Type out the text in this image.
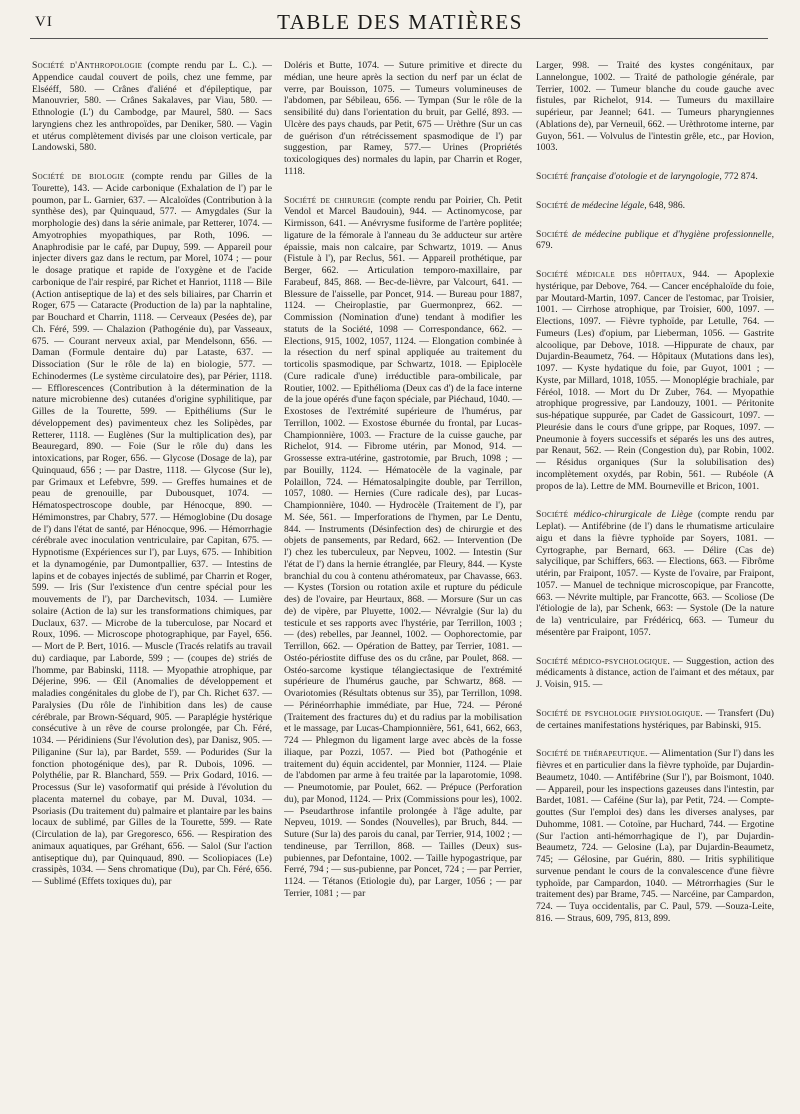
VI	TABLE DES MATIÈRES

Société d'Anthropologie (compte rendu par L. C.). — Appendice caudal couvert de poils, chez une femme, par Elsééff, 580. — Crânes d'aliéné et d'épileptique, par Manouvrier, 580. — Crânes Sakalaves, par Viau, 580. — Ethnologie (L') du Cambodge, par Maurel, 580. — Sacs laryngiens chez les anthropoïdes, par Deniker, 580. — Vagin et utérus complètement divisés par une cloison verticale, par Landowski, 580.

Société de biologie (compte rendu par Gilles de la Tourette), 143. — Acide carbonique (Exhalation de l') par le poumon, par L. Garnier, 637. — Alcaloïdes (Contribution à la synthèse des), par Quinquaud, 577. — Amygdales (Sur la morphologie des) dans la série animale, par Retterer, 1074. — Amyotrophies myopathiques, par Roth, 1096. — Anaphrodisie par le café, par Dupuy, 599. — Appareil pour injecter divers gaz dans le rectum, par Morel, 1074 ; — pour le dosage pratique et rapide de l'oxygène et de l'acide carbonique de l'air respiré, par Richet et Hanriot, 1118 — Bile (Action antiseptique de la) et des sels biliaires, par Charrin et Roger, 675 — Cataracte (Production de la) par la naphtaline, par Bouchard et Charrin, 1118. — Cerveaux (Pesées de), par Ch. Féré, 599. — Chalazion (Pathogénie du), par Vasseaux, 675. — Courant nerveux axial, par Mendelsonn, 656. — Daman (Formule dentaire du) par Lataste, 637. — Dissociation (Sur le rôle de la) en biologie, 577. — Echinodermes (Le système circulatoire des), par Périer, 1118. — Efflorescences (Contribution à la détermination de la nature microbienne des) cutanées d'origine syphilitique, par Gilles de la Tourette, 599. — Epithéliums (Sur le développement des) pavimenteux chez les Solipèdes, par Retterer, 1118. — Euglènes (Sur la multiplication des), par Beauregard, 890. — Foie (Sur le rôle du) dans les intoxications, par Roger, 656. — Glycose (Dosage de la), par Quinquaud, 656 ; — par Dastre, 1118. — Glycose (Sur le), par Grimaux et Lefebvre, 599. — Greffes humaines et de peau de grenouille, par Dubousquet, 1074. — Hématospectroscope double, par Hénocque, 890. — Hémimonstres, par Chabry, 577. — Hémoglobine (Du dosage de l') dans l'état de santé, par Hénocque, 996. — Hémorrhagie cérébrale avec inoculation ventriculaire, par Capitan, 675. — Hypnotisme (Expériences sur l'), par Luys, 675. — Inhibition et la dynamogénie, par Dumontpallier, 637. — Intestins de lapins et de cobayes injectés de sublimé, par Charrin et Roger, 599. — Iris (Sur l'existence d'un centre spécial pour les mouvements de l'), par Darchevitsch, 1034. — Lumière solaire (Action de la) sur les transformations chimiques, par Duclaux, 637. — Microbe de la tuberculose, par Nocard et Roux, 1096. — Microscope photographique, par Fayel, 656. — Mort de P. Bert, 1016. — Muscle (Tracés relatifs au travail du) cardiaque, par Laborde, 599 ; — (coupes de) striés de l'homme, par Babinski, 1118. — Myopathie atrophique, par Déjerine, 996. — Œil (Anomalies de développement et maladies congénitales du globe de l'), par Ch. Richet 637. — Paralysies (Du rôle de l'inhibition dans les) de cause cérébrale, par Brown-Séquard, 905. — Paraplégie hystérique consécutive à un rêve de course prolongée, par Ch. Féré, 1034. — Péridiniens (Sur l'évolution des), par Danisz, 905. — Piliganine (Sur la), par Bardet, 559. — Podurides (Sur la fonction photogénique des), par R. Dubois, 1096. — Polythélie, par R. Blanchard, 559. — Prix Godard, 1016. — Processus (Sur le) vasoformatif qui préside à l'évolution du placenta maternel du cobaye, par M. Duval, 1034. — Psoriasis (Du traitement du) palmaire et plantaire par les bains locaux de sublimé, par Gilles de la Tourette, 599. — Rate (Circulation de la), par Gregoresco, 656. — Respiration des animaux aquatiques, par Gréhant, 656. — Salol (Sur l'action antiseptique du), par Quinquaud, 890. — Scoliopiaces (Le) crassipès, 1034. — Sens chromatique (Du), par Ch. Féré, 656. — Sublimé (Effets toxiques du), par

Doléris et Butte, 1074. — Suture primitive et directe du médian, une heure après la section du nerf par un éclat de verre, par Bouisson, 1075. — Tumeurs volumineuses de l'abdomen, par Sébileau, 656. — Tympan (Sur le rôle de la sensibilité du) dans l'orientation du bruit, par Gellé, 893. — Ulcère des pays chauds, par Petit, 675 — Urèthre (Sur un cas de guérison d'un rétrécissement spasmodique de l') par suggestion, par Ramey, 577.— Urines (Propriétés toxicologiques des) normales du lapin, par Charrin et Roger, 1118.

Société de chirurgie (compte rendu par Poirier, Ch. Petit Vendol et Marcel Baudouin), 944. — Actinomycose, par Kirmisson, 641. — Anévrysme fusiforme de l'artère poplitée; ligature de la fémorale à l'anneau du 3e adducteur sur artère épaissie, mais non calcaire, par Schwartz, 1019. — Anus (Fistule à l'), par Reclus, 561. — Appareil prothétique, par Berger, 662. — Articulation temporo-maxillaire, par Farabeuf, 845, 868. — Bec-de-lièvre, par Valcourt, 641. — Blessure de l'aisselle, par Poncet, 914. — Bureau pour 1887, 1124. — Cheiroplastie, par Guermonprez, 662. — Commission (Nomination d'une) tendant à modifier les statuts de la Société, 1098 — Correspondance, 662. — Elections, 915, 1002, 1057, 1124. — Elongation combinée à la résection du nerf spinal appliquée au traitement du torticolis spasmodique, par Schwartz, 1018. — Epiplocèle (Cure radicale d'une) irréductible para-ombilicale, par Routier, 1002. — Epithélioma (Deux cas d') de la face interne de la joue opérés d'une façon spéciale, par Piéchaud, 1040. — Exostoses de l'extrémité supérieure de l'humérus, par Terrillon, 1002. — Exostose éburnée du frontal, par Lucas-Championnière, 1003. — Fracture de la cuisse gauche, par Richelot, 914. — Fibrome utérin, par Monod, 914. — Grossesse extra-utérine, gastrotomie, par Bruch, 1098 ; — par Bouilly, 1124. — Hématocèle de la vaginale, par Polaillon, 724. — Hématosalpingite double, par Terrillon, 1057, 1080. — Hernies (Cure radicale des), par Lucas-Championnière, 1040. — Hydrocèle (Traitement de l'), par M. Sée, 561. — Imperforations de l'hymen, par Le Dentu, 844. — Instruments (Désinfection des) de chirurgie et des objets de pansements, par Redard, 662. — Intervention (De l') chez les tuberculeux, par Nepveu, 1002. — Intestin (Sur l'état de l') dans la hernie étranglée, par Fleury, 844. — Kyste branchial du cou à contenu athéromateux, par Chavasse, 663. — Kystes (Torsion ou rotation axile et rupture du pédicule des) de l'ovaire, par Heurtaux, 868. — Morsure (Sur un cas de) de vipère, par Pluyette, 1002.— Névralgie (Sur la) du testicule et ses rapports avec l'hystérie, par Terrillon, 1003 ; — (des) rebelles, par Jeannel, 1002. — Oophorectomie, par Terrillon, 662. — Opération de Battey, par Terrier, 1081. — Ostéo-périostite diffuse des os du crâne, par Poulet, 868. — Ostéo-sarcome kystique télangiectasique de l'extrémité supérieure de l'humérus gauche, par Schwartz, 868. — Ovariotomies (Résultats obtenus sur 35), par Terrillon, 1098. — Périnéorrhaphie immédiate, par Hue, 724. — Péroné (Traitement des fractures du) et du radius par la mobilisation et le massage, par Lucas-Championnière, 561, 641, 662, 663, 724 — Phlegmon du ligament large avec abcès de la fosse iliaque, par Pozzi, 1057. — Pied bot (Pathogénie et traitement du) équin accidentel, par Monnier, 1124. — Plaie de l'abdomen par arme à feu traitée par la laparotomie, 1098. — Pneumotomie, par Poulet, 662. — Prépuce (Perforation du), par Monod, 1124. — Prix (Commissions pour les), 1002. — Pseudarthrose infantile prolongée à l'âge adulte, par Nepveu, 1019. — Sondes (Nouvelles), par Bruch, 844. — Suture (Sur la) des parois du canal, par Terrier, 914, 1002 ; — tendineuse, par Terrillon, 868. — Tailles (Deux) sus-pubiennes, par Defontaine, 1002. — Taille hypogastrique, par Ferré, 794 ; — sus-pubienne, par Poncet, 724 ; — par Perrier, 1124. — Tétanos (Etiologie du), par Larger, 1056 ; — par Terrier, 1081 ; — par

Larger, 998. — Traité des kystes congénitaux, par Lannelongue, 1002. — Traité de pathologie générale, par Terrier, 1002. — Tumeur blanche du coude gauche avec fistules, par Richelot, 914. — Tumeurs du maxillaire supérieur, par Jeannel; 641. — Tumeurs pharyngiennes (Ablations de), par Verneuil, 662. — Urèthrotome interne, par Guyon, 561. — Volvulus de l'intestin grêle, etc., par Hovion, 1003.

Société française d'otologie et de laryngologie, 772 874.

Société de médecine légale, 648, 986.

Société de médecine publique et d'hygiène professionnelle, 679.

Société médicale des hôpitaux, 944. — Apoplexie hystérique, par Debove, 764. — Cancer encéphaloïde du foie, par Moutard-Martin, 1097. Cancer de l'estomac, par Troisier, 1001. — Cirrhose atrophique, par Troisier, 600, 1097. — Elections, 1097. — Fièvre typhoïde, par Letulle, 764. — Fumeurs (Les) d'opium, par Lieberman, 1056. — Gastrite alcoolique, par Debove, 1018. —Hippurate de chaux, par Dujardin-Beaumetz, 764. — Hôpitaux (Mutations dans les), 1097. — Kyste hydatique du foie, par Guyot, 1001 ; — Kyste, par Millard, 1018, 1055. — Monoplégie brachiale, par Féréol, 1018. — Mort du Dr Zuber, 764. — Myopathie atrophique progressive, par Landouzy, 1001. — Péritonite sus-hépatique suppurée, par Cadet de Gassicourt, 1097. — Pleurésie dans le cours d'une grippe, par Roques, 1097. — Pneumonie à foyers successifs et séparés les uns des autres, par Renaut, 562. — Rein (Congestion du), par Robin, 1002. — Résidus organiques (Sur la solubilisation des) incomplètement oxydés, par Robin, 561. — Rubéole (A propos de la). Lettre de MM. Bourneville et Bricon, 1001.

Société médico-chirurgicale de Liège (compte rendu par Leplat). — Antifébrine (de l') dans le rhumatisme articulaire aigu et dans la fièvre typhoïde par Soyers, 1081. — Cyrtographe, par Bernard, 663. — Délire (Cas de) salycilique, par Schiffers, 663. — Elections, 663. — Fibrôme utérin, par Fraipont, 1057. — Kyste de l'ovaire, par Fraipont, 1057. — Manuel de technique microscopique, par Francotte, 663. — Névrite multiple, par Francotte, 663. — Scoliose (De l'étiologie de la), par Schenk, 663: — Systole (De la nature de la) ventriculaire, par Frédéricq, 663. — Tumeur du mésentère par Fraipont, 1057.

Société médico-psychologique. — Suggestion, action des médicaments à distance, action de l'aimant et des métaux, par J. Voisin, 915. —

Société de psychologie physiologique. — Transfert (Du) de certaines manifestations hystériques, par Babinski, 915.

Société de thérapeutique. — Alimentation (Sur l') dans les fièvres et en particulier dans la fièvre typhoïde, par Dujardin-Beaumetz, 1040. — Antifébrine (Sur l'), par Boismont, 1040. — Appareil, pour les inspections gazeuses dans l'intestin, par Bardet, 1081. — Caféine (Sur la), par Petit, 724. — Compte-gouttes (Sur l'emploi des) dans les diverses analyses, par Duhomme, 1081. — Cotoïne, par Huchard, 744. — Ergotine (Sur l'action anti-hémorrhagique de l'), par Dujardin-Beaumetz, 724. — Gelosine (La), par Dujardin-Beaumetz, 745; — Gélosine, par Guérin, 880. — Iritis syphilitique survenue pendant le cours de la convalescence d'une fièvre typhoïde, par Campardon, 1040. — Métrorrhagies (Sur le traitement des) par Brame, 745. — Narcéine, par Campardon, 724. — Tuya occidentalis, par C. Paul, 579. —Souza-Leite, 816. — Straus, 609, 795, 813, 899.
